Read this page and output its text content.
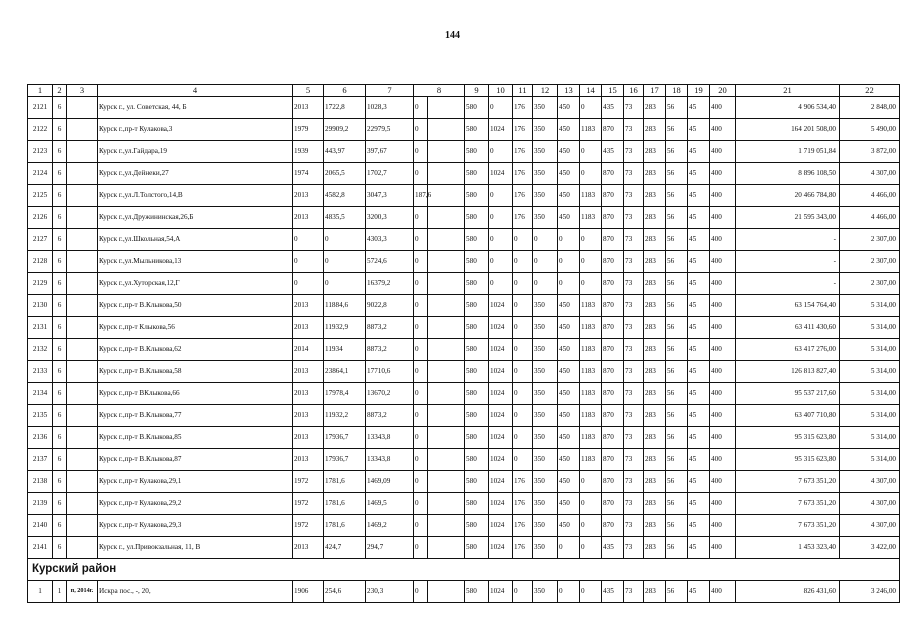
144
1	2	3	4	5	6	7	8		9	10	11	12	13	14	15	16	17	18	19	20	21	22
2121	6		Курск г., ул. Советская, 44, Б	2013	1722,8	1028,3	0		580	0	176	350	450	0	435	73	283	56	45	400	4 906 534,40	2 848,00
2122	6		Курск г.,пр-т Кулакова,3	1979	29909,2	22979,5	0		580	1024	176	350	450	1183	870	73	283	56	45	400	164 201 508,00	5 490,00
2123	6		Курск г.,ул.Гайдара,19	1939	443,97	397,67	0		580	0	176	350	450	0	435	73	283	56	45	400	1 719 051,84	3 872,00
2124	6		Курск г.,ул.Дейнеки,27	1974	2065,5	1702,7	0		580	1024	176	350	450	0	870	73	283	56	45	400	8 896 108,50	4 307,00
2125	6		Курск г.,ул.Л.Толстого,14,В	2013	4582,8	3047,3	187,6		580	0	176	350	450	1183	870	73	283	56	45	400	20 466 784,80	4 466,00
2126	6		Курск г.,ул.Дружининская,26,Б	2013	4835,5	3200,3	0		580	0	176	350	450	1183	870	73	283	56	45	400	21 595 343,00	4 466,00
2127	6		Курск г.,ул.Школьная,54,А	0	0	4303,3	0		580	0	0	0	0	0	870	73	283	56	45	400	-	2 307,00
2128	6		Курск г.,ул.Мыльникова,13	0	0	5724,6	0		580	0	0	0	0	0	870	73	283	56	45	400	-	2 307,00
2129	6		Курск г.,ул.Хуторская,12,Г	0	0	16379,2	0		580	0	0	0	0	0	870	73	283	56	45	400	-	2 307,00
2130	6		Курск г.,пр-т В.Клыкова,50	2013	11884,6	9022,8	0		580	1024	0	350	450	1183	870	73	283	56	45	400	63 154 764,40	5 314,00
2131	6		Курск г.,пр-т Клыкова,56	2013	11932,9	8873,2	0		580	1024	0	350	450	1183	870	73	283	56	45	400	63 411 430,60	5 314,00
2132	6		Курск г.,пр-т В.Клыкова,62	2014	11934	8873,2	0		580	1024	0	350	450	1183	870	73	283	56	45	400	63 417 276,00	5 314,00
2133	6		Курск г.,пр-т В.Клыкова,58	2013	23864,1	17710,6	0		580	1024	0	350	450	1183	870	73	283	56	45	400	126 813 827,40	5 314,00
2134	6		Курск г.,пр-т ВКлыкова,66	2013	17978,4	13670,2	0		580	1024	0	350	450	1183	870	73	283	56	45	400	95 537 217,60	5 314,00
2135	6		Курск г.,пр-т В.Клыкова,77	2013	11932,2	8873,2	0		580	1024	0	350	450	1183	870	73	283	56	45	400	63 407 710,80	5 314,00
2136	6		Курск г.,пр-т В.Клыкова,85	2013	17936,7	13343,8	0		580	1024	0	350	450	1183	870	73	283	56	45	400	95 315 623,80	5 314,00
2137	6		Курск г.,пр-т В.Клыкова,87	2013	17936,7	13343,8	0		580	1024	0	350	450	1183	870	73	283	56	45	400	95 315 623,80	5 314,00
2138	6		Курск г.,пр-т Кулакова,29,1	1972	1781,6	1469,09	0		580	1024	176	350	450	0	870	73	283	56	45	400	7 673 351,20	4 307,00
2139	6		Курск г.,пр-т Кулакова,29,2	1972	1781,6	1469,5	0		580	1024	176	350	450	0	870	73	283	56	45	400	7 673 351,20	4 307,00
2140	6		Курск г.,пр-т Кулакова,29,3	1972	1781,6	1469,2	0		580	1024	176	350	450	0	870	73	283	56	45	400	7 673 351,20	4 307,00
2141	6		Курск г., ул.Привокзальная, 11, В	2013	424,7	294,7	0		580	1024	176	350	0	0	435	73	283	56	45	400	1 453 323,40	3 422,00
Курский район																						
1	1	п, 2014г.	Искра пос., -, 20,	1906	254,6	230,3	0		580	1024	0	350	0	0	435	73	283	56	45	400	826 431,60	3 246,00
